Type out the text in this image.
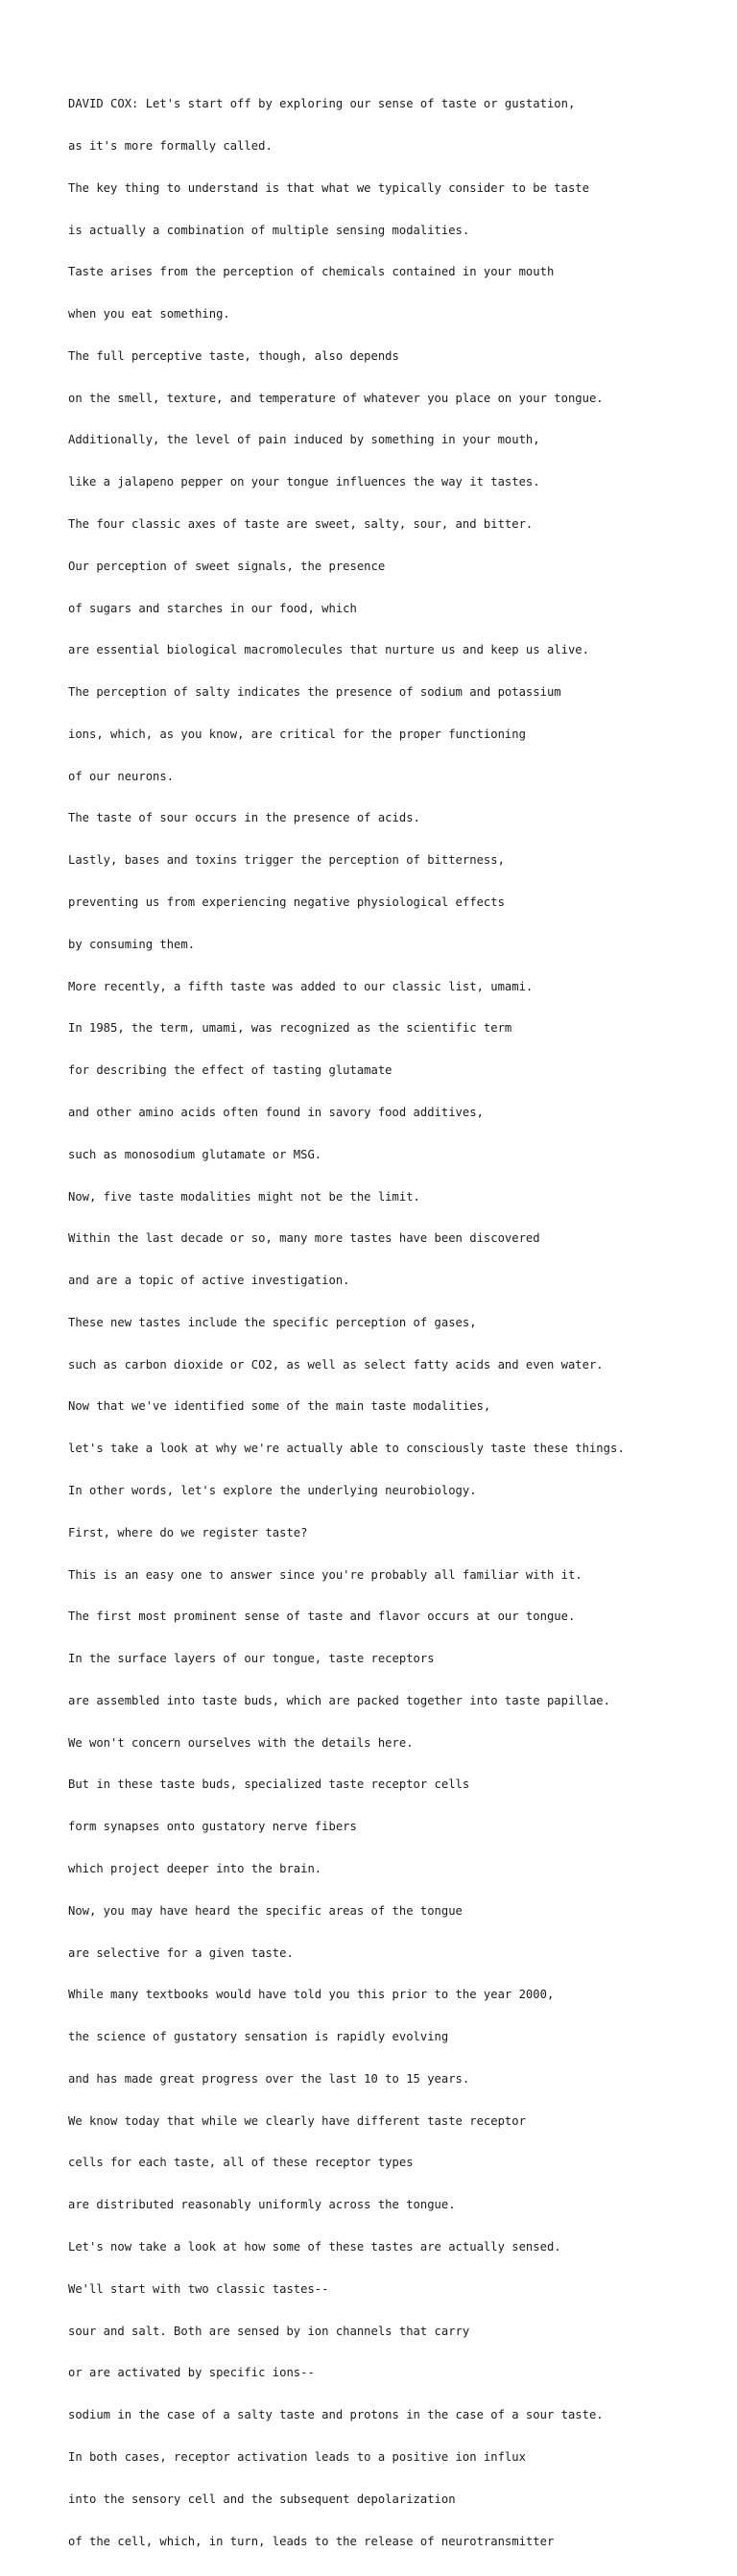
DAVID COX: Let's start off by exploring our sense of taste or gustation,

as it's more formally called.

The key thing to understand is that what we typically consider to be taste

is actually a combination of multiple sensing modalities.

Taste arises from the perception of chemicals contained in your mouth

when you eat something.

The full perceptive taste, though, also depends

on the smell, texture, and temperature of whatever you place on your tongue.

Additionally, the level of pain induced by something in your mouth,

like a jalapeno pepper on your tongue influences the way it tastes.

The four classic axes of taste are sweet, salty, sour, and bitter.

Our perception of sweet signals, the presence

of sugars and starches in our food, which

are essential biological macromolecules that nurture us and keep us alive.

The perception of salty indicates the presence of sodium and potassium

ions, which, as you know, are critical for the proper functioning

of our neurons.

The taste of sour occurs in the presence of acids.

Lastly, bases and toxins trigger the perception of bitterness,

preventing us from experiencing negative physiological effects

by consuming them.

More recently, a fifth taste was added to our classic list, umami.

In 1985, the term, umami, was recognized as the scientific term

for describing the effect of tasting glutamate

and other amino acids often found in savory food additives,

such as monosodium glutamate or MSG.

Now, five taste modalities might not be the limit.

Within the last decade or so, many more tastes have been discovered

and are a topic of active investigation.

These new tastes include the specific perception of gases,

such as carbon dioxide or CO2, as well as select fatty acids and even water.

Now that we've identified some of the main taste modalities,

let's take a look at why we're actually able to consciously taste these things.

In other words, let's explore the underlying neurobiology.

First, where do we register taste?

This is an easy one to answer since you're probably all familiar with it.

The first most prominent sense of taste and flavor occurs at our tongue.

In the surface layers of our tongue, taste receptors

are assembled into taste buds, which are packed together into taste papillae.

We won't concern ourselves with the details here.

But in these taste buds, specialized taste receptor cells

form synapses onto gustatory nerve fibers

which project deeper into the brain.

Now, you may have heard the specific areas of the tongue

are selective for a given taste.

While many textbooks would have told you this prior to the year 2000,

the science of gustatory sensation is rapidly evolving

and has made great progress over the last 10 to 15 years.

We know today that while we clearly have different taste receptor

cells for each taste, all of these receptor types

are distributed reasonably uniformly across the tongue.

Let's now take a look at how some of these tastes are actually sensed.

We'll start with two classic tastes--

sour and salt. Both are sensed by ion channels that carry

or are activated by specific ions--

sodium in the case of a salty taste and protons in the case of a sour taste.

In both cases, receptor activation leads to a positive ion influx

into the sensory cell and the subsequent depolarization

of the cell, which, in turn, leads to the release of neurotransmitter
